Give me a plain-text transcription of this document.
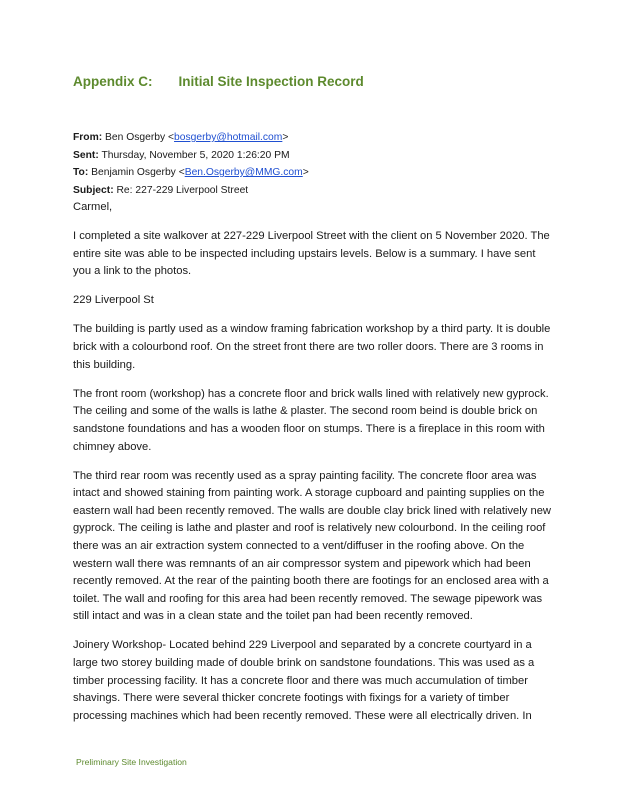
Appendix C: Initial Site Inspection Record
From: Ben Osgerby <bosgerby@hotmail.com>
Sent: Thursday, November 5, 2020 1:26:20 PM
To: Benjamin Osgerby <Ben.Osgerby@MMG.com>
Subject: Re: 227-229 Liverpool Street

Carmel,

I completed a site walkover at 227-229 Liverpool Street with the client on 5 November 2020. The entire site was able to be inspected including upstairs levels. Below is a summary. I have sent you a link to the photos.

229 Liverpool St

The building is partly used as a window framing fabrication workshop by a third party. It is double brick with a colourbond roof. On the street front there are two roller doors. There are 3 rooms in this building.

The front room (workshop) has a concrete floor and brick walls lined with relatively new gyprock. The ceiling and some of the walls is lathe & plaster. The second room beind is double brick on sandstone foundations and has a wooden floor on stumps. There is a fireplace in this room with chimney above.

The third rear room was recently used as a spray painting facility. The concrete floor area was intact and showed staining from painting work. A storage cupboard and painting supplies on the eastern wall had been recently removed. The walls are double clay brick lined with relatively new gyprock. The ceiling is lathe and plaster and roof is relatively new colourbond. In the ceiling roof there was an air extraction system connected to a vent/diffuser in the roofing above. On the western wall there was remnants of an air compressor system and pipework which had been recently removed. At the rear of the painting booth there are footings for an enclosed area with a toilet. The wall and roofing for this area had been recently removed. The sewage pipework was still intact and was in a clean state and the toilet pan had been recently removed.

Joinery Workshop- Located behind 229 Liverpool and separated by a concrete courtyard in a large two storey building made of double brink on sandstone foundations. This was used as a timber processing facility. It has a concrete floor and there was much accumulation of timber shavings. There were several thicker concrete footings with fixings for a variety of timber processing machines which had been recently removed. These were all electrically driven. In

Preliminary Site Investigation
